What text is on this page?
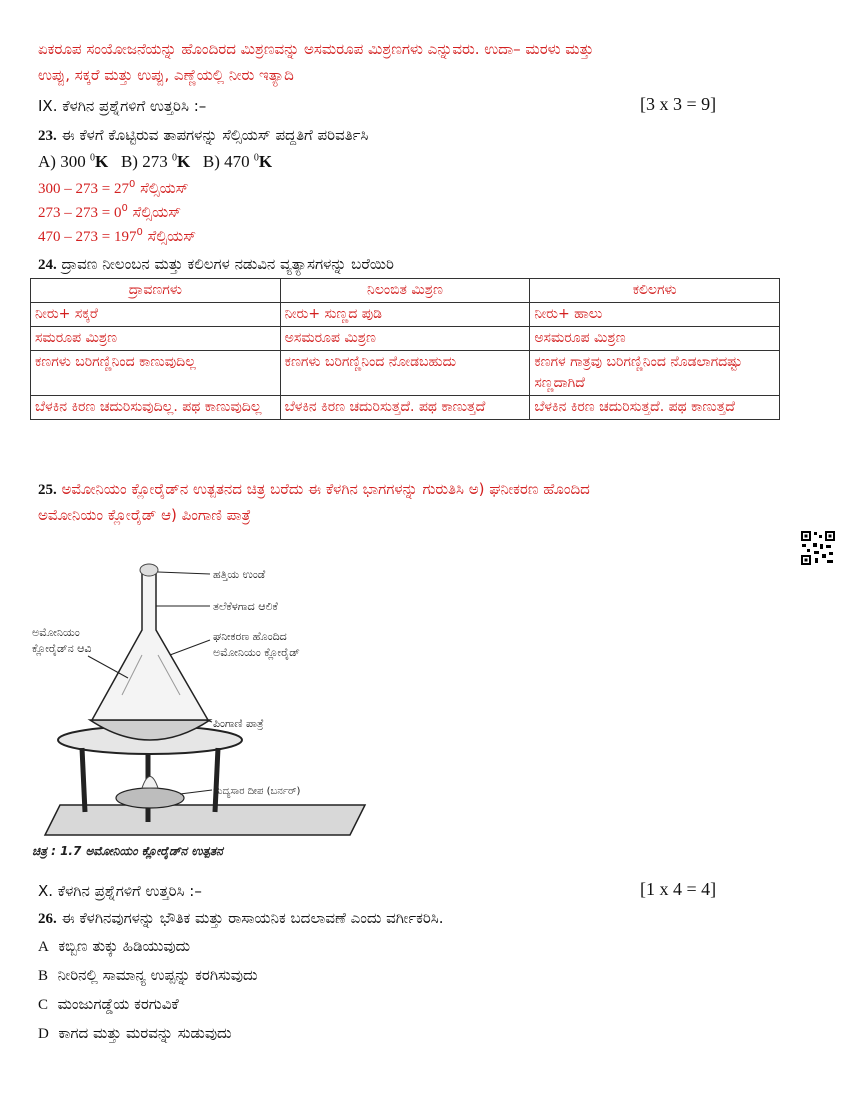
ಏಕರೂಪ ಸಂಯೋಜನೆಯನ್ನು ಹೊಂದಿರದ ಮಿಶ್ರಣವನ್ನು ಅಸಮರೂಪ ಮಿಶ್ರಣಗಳು ಎನ್ನುವರು. ಉದಾ– ಮರಳು ಮತ್ತು
ಉಪ್ಪು, ಸಕ್ಕರೆ ಮತ್ತು ಉಪ್ಪು, ಎಣ್ಣೆಯಲ್ಲಿ ನೀರು ಇತ್ಯಾದಿ
IX. ಕೆಳಗಿನ ಪ್ರಶ್ನೆಗಳಿಗೆ ಉತ್ತರಿಸಿ :–	[3 x 3 = 9]
23. ಈ ಕೆಳಗೆ ಕೊಟ್ಟಿರುವ ತಾಪಗಳನ್ನು ಸೆಲ್ಸಿಯಸ್ ಪದ್ದತಿಗೆ ಪರಿವರ್ತಿಸಿ
A) 300 $^0$K B) 273 $^0$K B) 470 $^0$K
$300 - 273 = 27^0$ ಸೆಲ್ಸಿಯಸ್
$273 - 273 = 0^0$ ಸೆಲ್ಸಿಯಸ್
$470 - 273 = 197^0$ ಸೆಲ್ಸಿಯಸ್
24. ದ್ರಾವಣ ನೀಲಂಬನ ಮತ್ತು ಕಲಿಲಗಳ ನಡುವಿನ ವ್ಯತ್ಯಾಸಗಳನ್ನು ಬರೆಯಿರಿ
ದ್ರಾವಣಗಳು	ನಿಲಂಬಿತ ಮಿಶ್ರಣ	ಕಲಿಲಗಳು
ನೀರು+ ಸಕ್ಕರೆ	ನೀರು+ ಸುಣ್ಣದ ಪುಡಿ	ನೀರು+ ಹಾಲು
ಸಮರೂಪ ಮಿಶ್ರಣ	ಅಸಮರೂಪ ಮಿಶ್ರಣ	ಅಸಮರೂಪ ಮಿಶ್ರಣ
ಕಣಗಳು ಬರಿಗಣ್ಣಿನಿಂದ ಕಾಣುವುದಿಲ್ಲ	ಕಣಗಳು ಬರಿಗಣ್ಣಿನಿಂದ ನೋಡಬಹುದು	ಕಣಗಳ ಗಾತ್ರವು ಬರಿಗಣ್ಣಿನಿಂದ ನೊಡಲಾಗದಷ್ಟು ಸಣ್ಣದಾಗಿದೆ
ಬೆಳಕಿನ ಕಿರಣ ಚದುರಿಸುವುದಿಲ್ಲ. ಪಥ ಕಾಣುವುದಿಲ್ಲ	ಬೆಳಕಿನ ಕಿರಣ ಚದುರಿಸುತ್ತದೆ. ಪಥ ಕಾಣುತ್ತದೆ	ಬೆಳಕಿನ ಕಿರಣ ಚದುರಿಸುತ್ತದೆ. ಪಥ ಕಾಣುತ್ತದೆ
25. ಅಮೋನಿಯಂ ಕ್ಲೋರೈಡ್‌ನ ಉತ್ಪತನದ ಚಿತ್ರ ಬರೆದು ಈ ಕೆಳಗಿನ ಭಾಗಗಳನ್ನು ಗುರುತಿಸಿ ಅ) ಘನೀಕರಣ ಹೊಂದಿದ
ಅಮೋನಿಯಂ ಕ್ಲೋರೈಡ್ ಆ) ಪಿಂಗಾಣಿ ಪಾತ್ರೆ
ಹತ್ತಿಯ ಉಂಡೆ
ತಲೆಕೆಳಗಾದ ಆಲಿಕೆ
ಘನೀಕರಣ ಹೊಂದಿದ
ಅಮೋನಿಯಂ ಕ್ಲೋರೈಡ್
ಅಮೋನಿಯಂ
ಕ್ಲೋರೈಡ್‌ನ ಆವಿ
ಪಿಂಗಾಣಿ ಪಾತ್ರೆ
ಮದ್ಯಸಾರ ದೀಪ (ಬರ್ನರ್)
ಚಿತ್ರ : 1.7 ಅಮೋನಿಯಂ ಕ್ಲೋರೈಡ್‌ನ ಉತ್ಪತನ
X. ಕೆಳಗಿನ ಪ್ರಶ್ನೆಗಳಿಗೆ ಉತ್ತರಿಸಿ :–	[1 x 4 = 4]
26. ಈ ಕೆಳಗಿನವುಗಳನ್ನು ಭೌತಿಕ ಮತ್ತು ರಾಸಾಯನಿಕ ಬದಲಾವಣೆ ಎಂದು ವರ್ಗೀಕರಿಸಿ.
A ಕಬ್ಬಿಣ ತುಕ್ಕು ಹಿಡಿಯುವುದು
B ನೀರಿನಲ್ಲಿ ಸಾಮಾನ್ಯ ಉಪ್ಪನ್ನು ಕರಗಿಸುವುದು
C ಮಂಜುಗಡ್ಡೆಯ ಕರಗುವಿಕೆ
D ಕಾಗದ ಮತ್ತು ಮರವನ್ನು ಸುಡುವುದು
